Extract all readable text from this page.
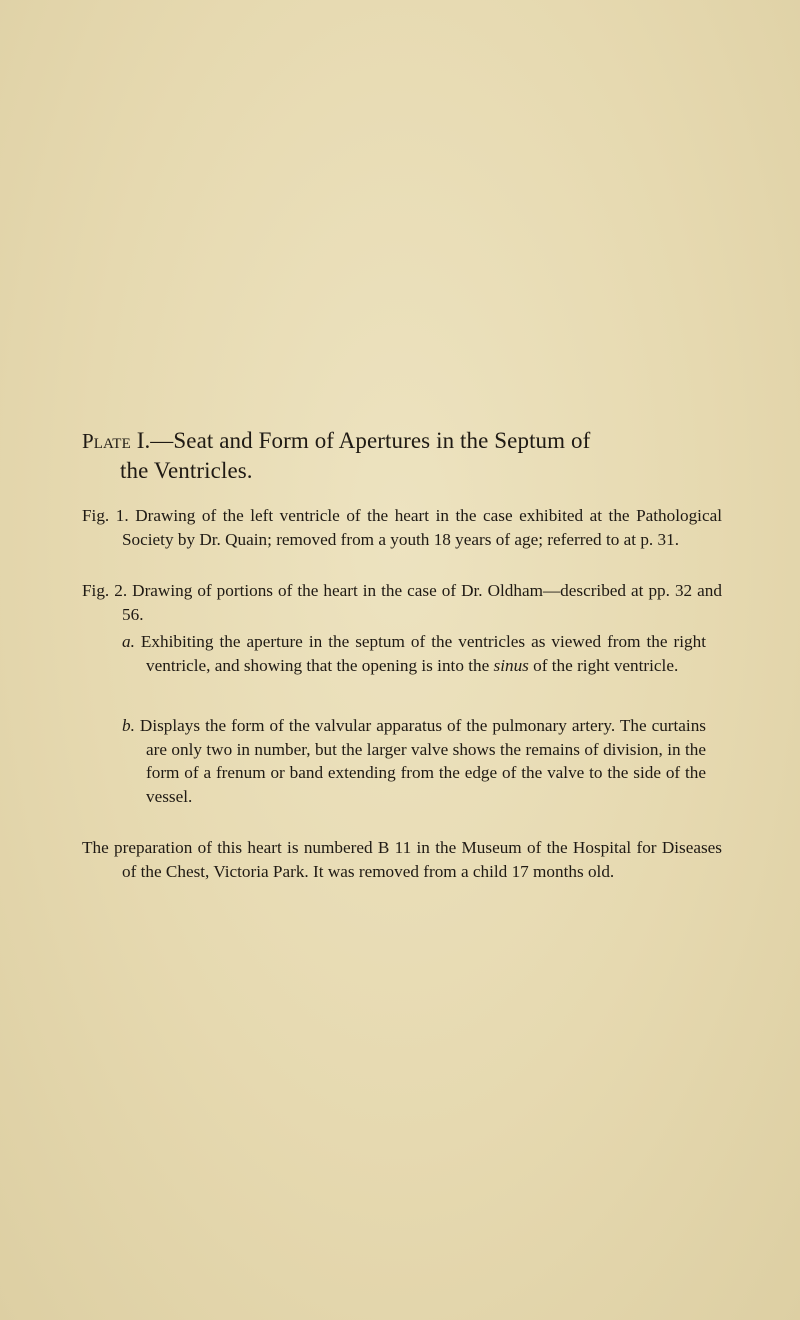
Plate I.—Seat and Form of Apertures in the Septum of
the Ventricles.
Fig. 1. Drawing of the left ventricle of the heart in the case exhibited at the Pathological Society by Dr. Quain; removed from a youth 18 years of age; referred to at p. 31.
Fig. 2. Drawing of portions of the heart in the case of Dr. Oldham—described at pp. 32 and 56.
a. Exhibiting the aperture in the septum of the ventricles as viewed from the right ventricle, and showing that the opening is into the sinus of the right ventricle.
b. Displays the form of the valvular apparatus of the pulmonary artery. The curtains are only two in number, but the larger valve shows the remains of division, in the form of a frenum or band extending from the edge of the valve to the side of the vessel.
The preparation of this heart is numbered B 11 in the Museum of the Hospital for Diseases of the Chest, Victoria Park. It was removed from a child 17 months old.
